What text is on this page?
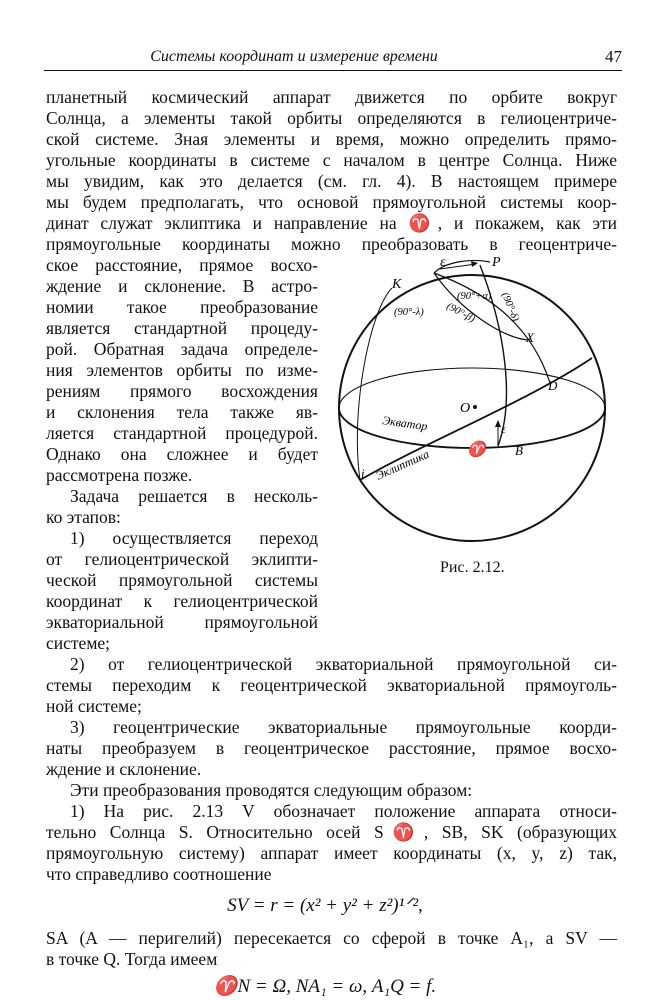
Системы координат и измерение времени	47
планетный космический аппарат движется по орбите вокруг
Солнца, а элементы такой орбиты определяются в гелиоцентриче-
ской системе. Зная элементы и время, можно определить прямо-
угольные координаты в системе с началом в центре Солнца. Ниже
мы увидим, как это делается (см. гл. 4). В настоящем примере
мы будем предполагать, что основой прямоугольной системы коор-
динат служат эклиптика и направление на ♈, и покажем, как эти
прямоугольные координаты можно преобразовать в геоцентриче-
ское расстояние, прямое восхо-
ждение и склонение. В астро-
номии такое преобразование
является стандартной процеду-
рой. Обратная задача определе-
ния элементов орбиты по изме-
рениям прямого восхождения
и склонения тела также яв-
ляется стандартной процедурой.
Однако она сложнее и будет
рассмотрена позже.
Задача решается в несколь-
ко этапов:
1) осуществляется переход
от гелиоцентрической эклипти-
ческой прямоугольной системы
координат к гелиоцентрической
экваториальной прямоугольной
системе;
2) от гелиоцентрической экваториальной прямоугольной си-
стемы переходим к геоцентрической экваториальной прямоуголь-
ной системе;
3) геоцентрические экваториальные прямоугольные коорди-
наты преобразуем в геоцентрическое расстояние, прямое восхо-
ждение и склонение.
Эти преобразования проводятся следующим образом:
1) На рис. 2.13 V обозначает положение аппарата относи-
тельно Солнца S. Относительно осей S♈, SB, SK (образующих
прямоугольную систему) аппарат имеет координаты (x, y, z) так,
что справедливо соотношение
SV = r = (x² + y² + z²)¹ᐟ²,
SA (A — перигелий) пересекается со сферой в точке A₁, а SV —
в точке Q. Тогда имеем
♈N = Ω, NA₁ = ω, A₁Q = f.
K
ε	P
X
D
B
O
ε
♈
i
Экватор
Эклиптика
(90°+α) (90°-δ)
(90°-λ) (90°-β)
Рис. 2.12.
